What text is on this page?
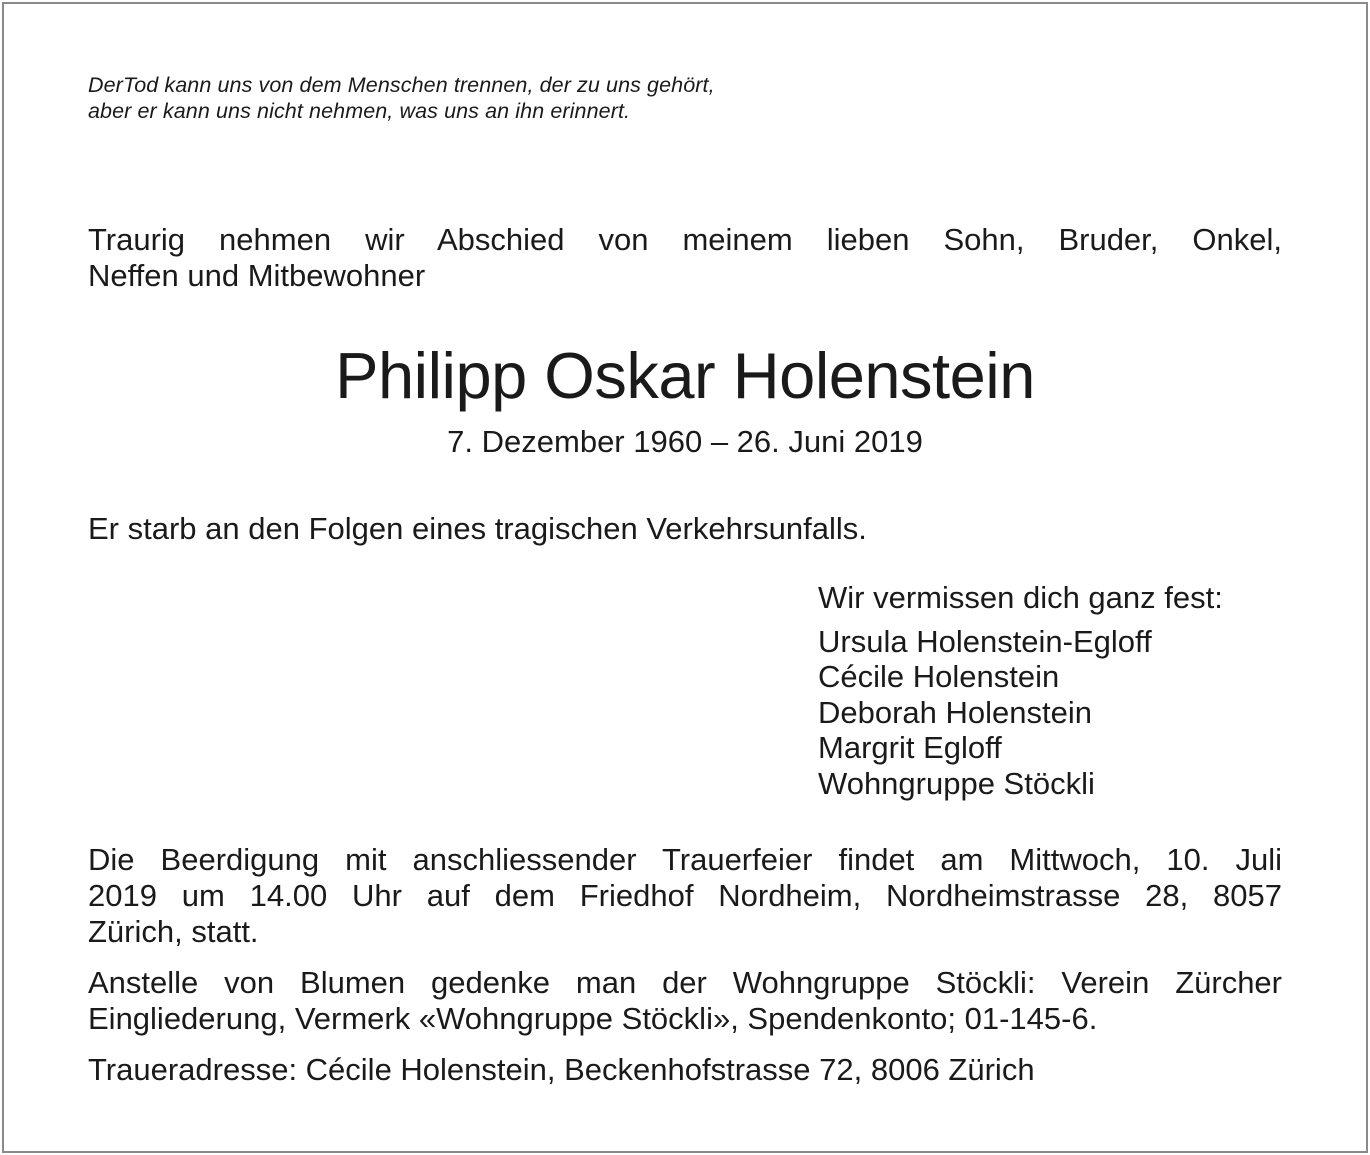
DerTod kann uns von dem Menschen trennen, der zu uns gehört,
aber er kann uns nicht nehmen, was uns an ihn erinnert.
Traurig nehmen wir Abschied von meinem lieben Sohn, Bruder, Onkel,
Neffen und Mitbewohner
Philipp Oskar Holenstein
7. Dezember 1960 – 26. Juni 2019
Er starb an den Folgen eines tragischen Verkehrsunfalls.
Wir vermissen dich ganz fest:
Ursula Holenstein-Egloff
Cécile Holenstein
Deborah Holenstein
Margrit Egloff
Wohngruppe Stöckli
Die Beerdigung mit anschliessender Trauerfeier findet am Mittwoch, 10. Juli
2019 um 14.00 Uhr auf dem Friedhof Nordheim, Nordheimstrasse 28, 8057
Zürich, statt.
Anstelle von Blumen gedenke man der Wohngruppe Stöckli: Verein Zürcher
Eingliederung, Vermerk «Wohngruppe Stöckli», Spendenkonto; 01-145-6.
Traueradresse: Cécile Holenstein, Beckenhofstrasse 72, 8006 Zürich
